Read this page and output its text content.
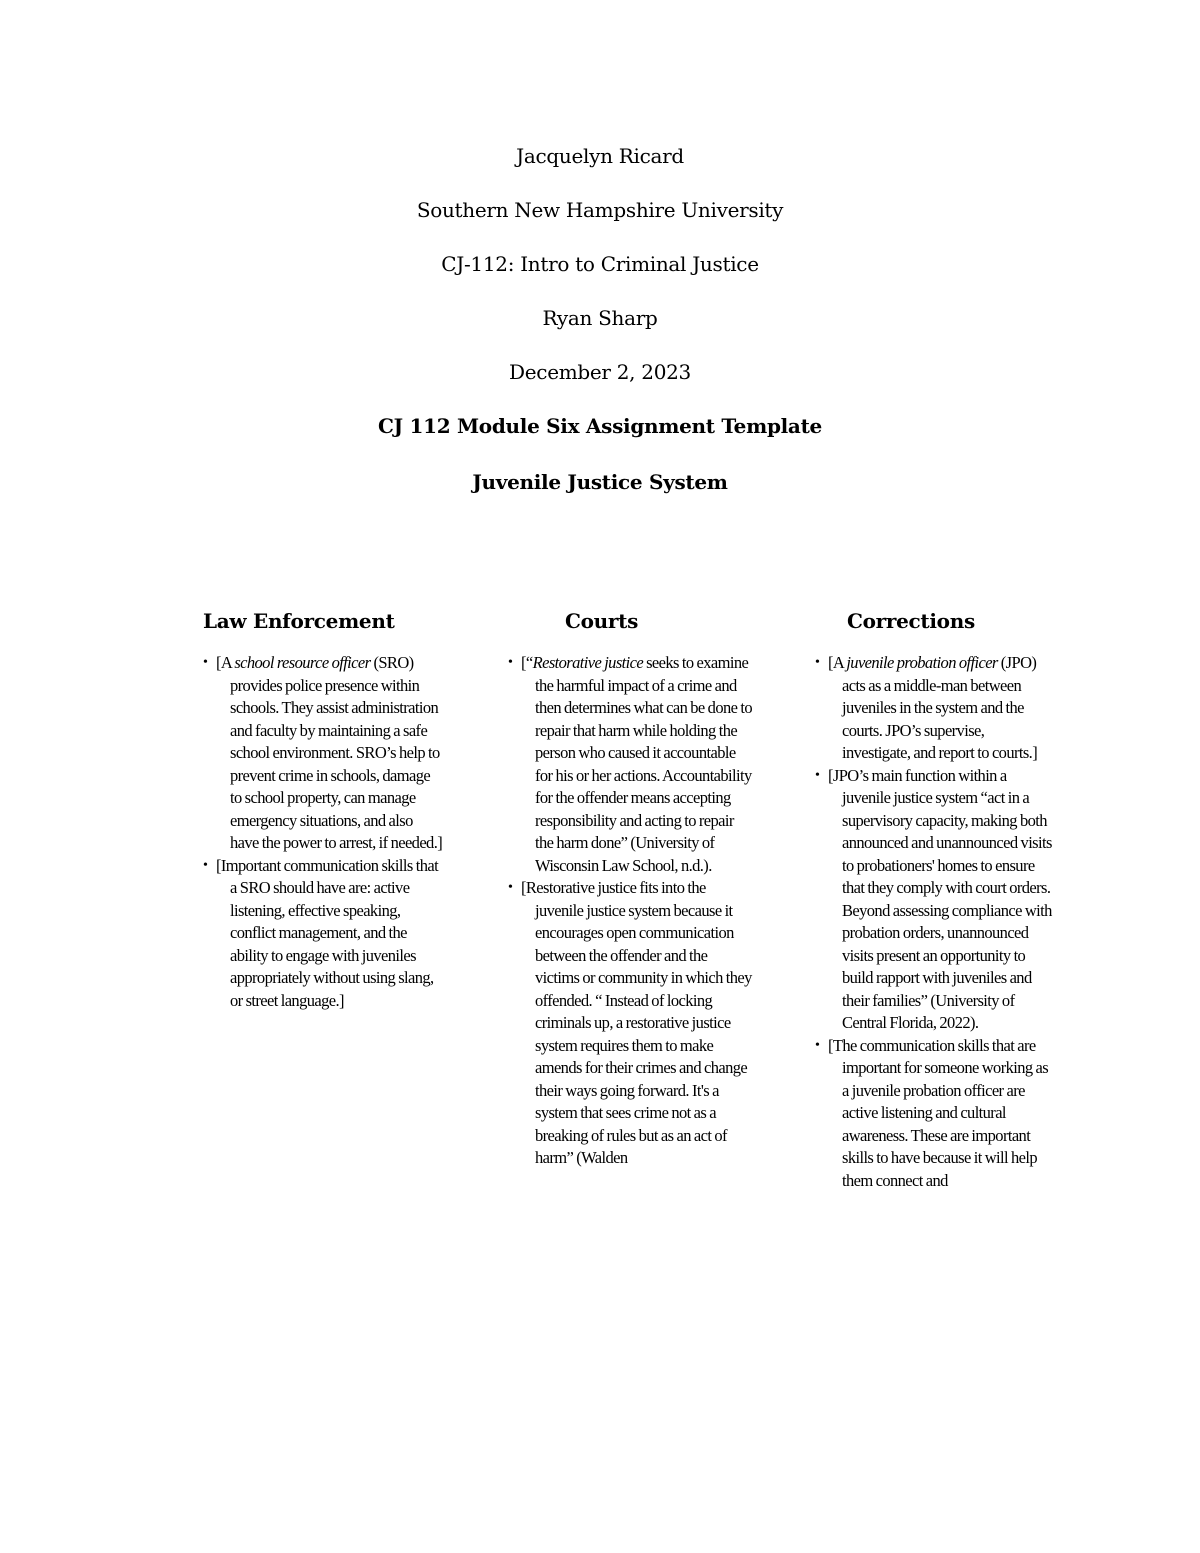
Jacquelyn Ricard
Southern New Hampshire University
CJ-112: Intro to Criminal Justice
Ryan Sharp
December 2, 2023
CJ 112 Module Six Assignment Template
Juvenile Justice System
Law Enforcement
• [A school resource officer (SRO) provides police presence within schools. They assist administration and faculty by maintaining a safe school environment. SRO’s help to prevent crime in schools, damage to school property, can manage emergency situations, and also have the power to arrest, if needed.]
• [Important communication skills that a SRO should have are: active listening, effective speaking, conflict management, and the ability to engage with juveniles appropriately without using slang, or street language.]
Courts
• [“Restorative justice seeks to examine the harmful impact of a crime and then determines what can be done to repair that harm while holding the person who caused it accountable for his or her actions. Accountability for the offender means accepting responsibility and acting to repair the harm done” (University of Wisconsin Law School, n.d.).
• [Restorative justice fits into the juvenile justice system because it encourages open communication between the offender and the victims or community in which they offended. “ Instead of locking criminals up, a restorative justice system requires them to make amends for their crimes and change their ways going forward. It's a system that sees crime not as a breaking of rules but as an act of harm” (Walden
Corrections
• [A juvenile probation officer (JPO) acts as a middle-man between juveniles in the system and the courts. JPO’s supervise, investigate, and report to courts.]
• [JPO’s main function within a juvenile justice system “act in a supervisory capacity, making both announced and unannounced visits to probationers' homes to ensure that they comply with court orders. Beyond assessing compliance with probation orders, unannounced visits present an opportunity to build rapport with juveniles and their families” (University of Central Florida, 2022).
• [The communication skills that are important for someone working as a juvenile probation officer are active listening and cultural awareness. These are important skills to have because it will help them connect and
